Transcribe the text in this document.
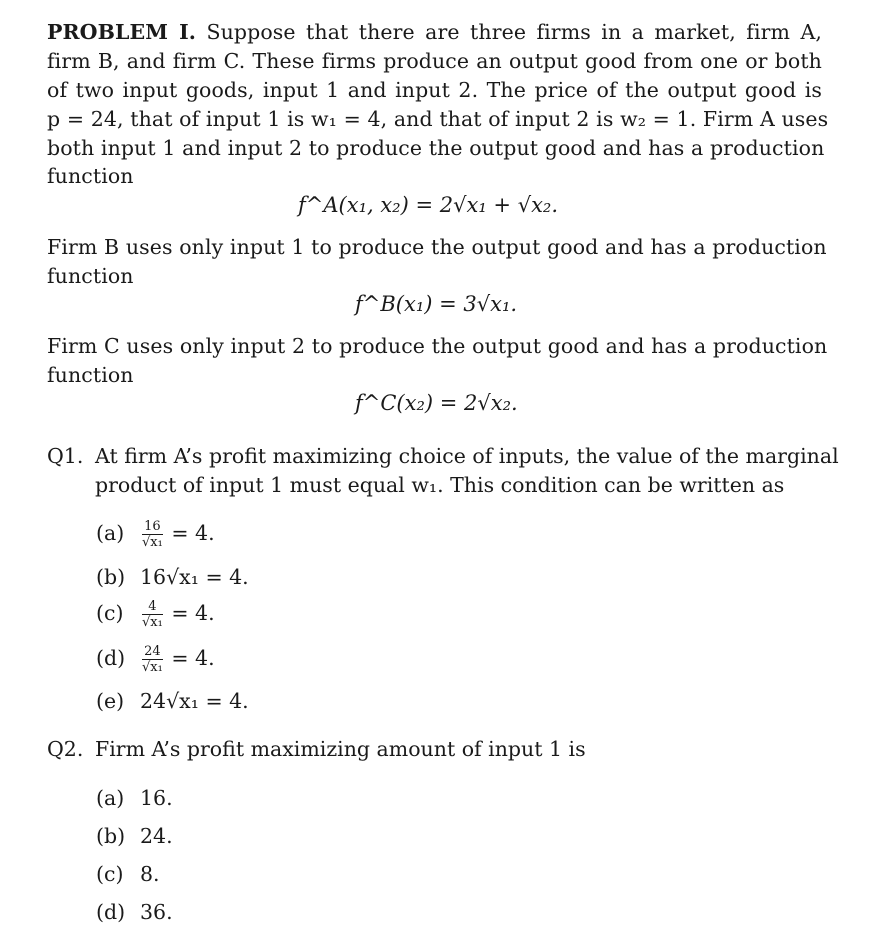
PROBLEM I. Suppose that there are three firms in a market, firm A,
firm B, and firm C. These firms produce an output good from one or both
of two input goods, input 1 and input 2. The price of the output good is
p = 24, that of input 1 is w₁ = 4, and that of input 2 is w₂ = 1. Firm A uses
both input 1 and input 2 to produce the output good and has a production
function
f^A(x₁, x₂) = 2√x₁ + √x₂.
Firm B uses only input 1 to produce the output good and has a production
function
f^B(x₁) = 3√x₁.
Firm C uses only input 2 to produce the output good and has a production
function
f^C(x₂) = 2√x₂.
Q1. At firm A’s profit maximizing choice of inputs, the value of the marginal
product of input 1 must equal w₁. This condition can be written as
$(a) \frac{16}{\text{√x₁}} = 4$.
(b) 16√x₁ = 4.
$(c) \frac{4}{\text{√x₁}} = 4$.
$(d) \frac{24}{\text{√x₁}} = 4$.
(e) 24√x₁ = 4.
Q2. Firm A’s profit maximizing amount of input 1 is
(a) 16.
(b) 24.
(c) 8.
(d) 36.
